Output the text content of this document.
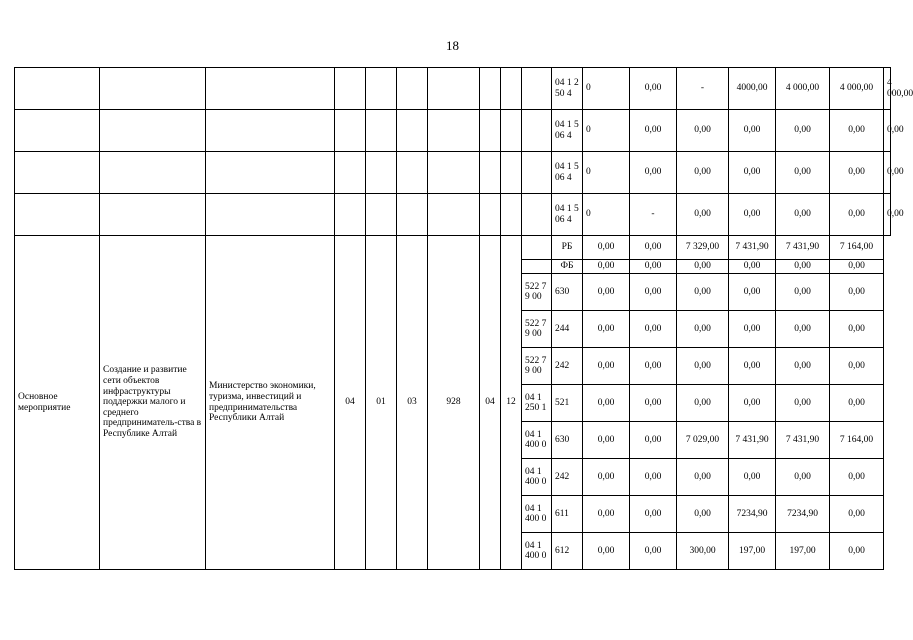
18
										04 1 250 4	0	0,00	-	4000,00	4 000,00	4 000,00	4 000,00
										04 1 506 4	0	0,00	0,00	0,00	0,00	0,00	0,00
										04 1 506 4	0	0,00	0,00	0,00	0,00	0,00	0,00
										04 1 506 4	0	-	0,00	0,00	0,00	0,00	0,00
Основное мероприятие	Создание и развитие сети объектов инфраструктуры поддержки малого и среднего предприниматель-ства в Республике Алтай	Министерство экономики, туризма, инвестиций и предпринимательства Республики Алтай	04	01	03	928	04	12		РБ	0,00	0,00	7 329,00	7 431,90	7 431,90	7 164,00	
										ФБ	0,00	0,00	0,00	0,00	0,00	0,00	
									522 79 00	630	0,00	0,00	0,00	0,00	0,00	0,00	
									522 79 00	244	0,00	0,00	0,00	0,00	0,00	0,00	
									522 79 00	242	0,00	0,00	0,00	0,00	0,00	0,00	
									04 1 250 1	521	0,00	0,00	0,00	0,00	0,00	0,00	
									04 1 400 0	630	0,00	0,00	7 029,00	7 431,90	7 431,90	7 164,00	
									04 1 400 0	242	0,00	0,00	0,00	0,00	0,00	0,00	
									04 1 400 0	611	0,00	0,00	0,00	7234,90	7234,90	0,00	
									04 1 400 0	612	0,00	0,00	300,00	197,00	197,00	0,00	
